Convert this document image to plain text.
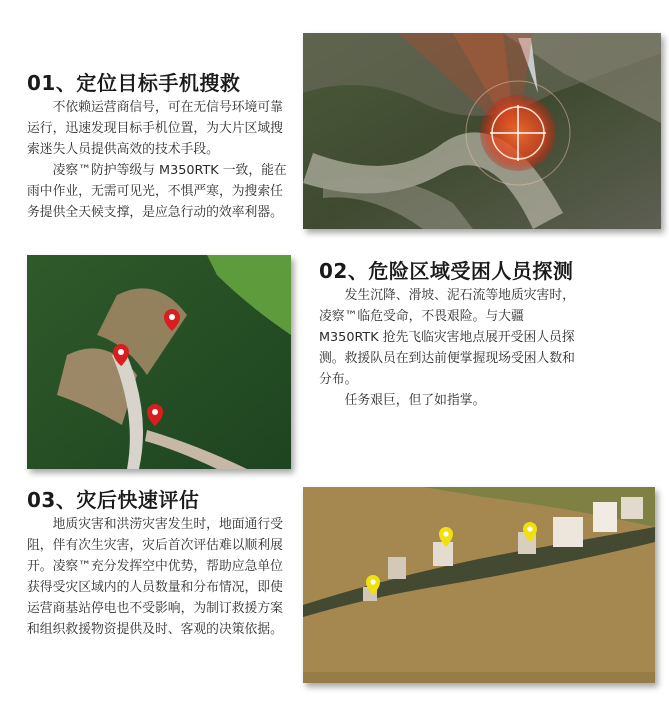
01、定位目标手机搜救
不依赖运营商信号，可在无信号环境可靠运行，迅速发现目标手机位置，为大片区域搜索迷失人员提供高效的技术手段。
凌察™防护等级与 M350RTK 一致，能在雨中作业，无需可见光，不惧严寒，为搜索任务提供全天候支撑，是应急行动的效率利器。
02、危险区域受困人员探测
发生沉降、滑坡、泥石流等地质灾害时，凌察™临危受命，不畏艰险。与大疆 M350RTK 抢先飞临灾害地点展开受困人员探测。救援队员在到达前便掌握现场受困人数和分布。
任务艰巨，但了如指掌。
03、灾后快速评估
地质灾害和洪涝灾害发生时，地面通行受阻，伴有次生灾害，灾后首次评估难以顺利展开。凌察™充分发挥空中优势，帮助应急单位获得受灾区域内的人员数量和分布情况，即使运营商基站停电也不受影响，为制订救援方案和组织救援物资提供及时、客观的决策依据。
